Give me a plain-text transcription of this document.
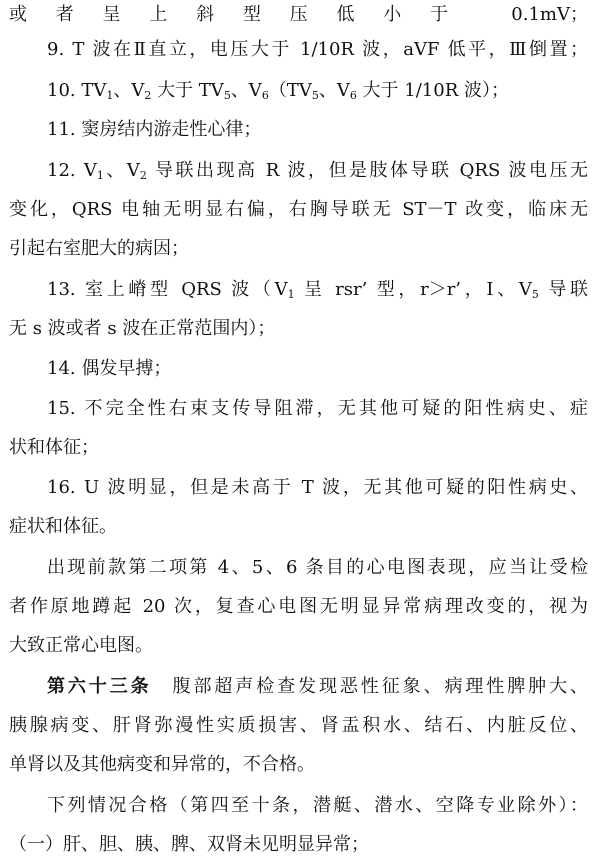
或者呈上斜型压低小于 0.1mV；
9. T 波在Ⅱ直立，电压大于 1/10R 波，aVF 低平，Ⅲ倒置；
10. $TV_1$、$V_2$ 大于 $TV_5$、$V_6(TV_5$、$V_6$ 大于 1/10R 波）；
11. 窦房结内游走性心律；
12. $V_1$、$V_2$ 导联出现高 R 波，但是肢体导联 QRS 波电压无
变化，QRS 电轴无明显右偏，右胸导联无 ST－T 改变，临床无
引起右室肥大的病因；
13. 室上嵴型 QRS 波（$V_1$ 呈 rsr’ 型，r＞r’，I、$V_5$ 导联
无 s 波或者 s 波在正常范围内）；
14. 偶发早搏；
15. 不完全性右束支传导阻滞，无其他可疑的阳性病史、症
状和体征；
16. U 波明显，但是未高于 T 波，无其他可疑的阳性病史、
症状和体征。
出现前款第二项第 4、5、6 条目的心电图表现，应当让受检
者作原地蹲起 20 次，复查心电图无明显异常病理改变的，视为
大致正常心电图。
第六十三条　腹部超声检查发现恶性征象、病理性脾肿大、
胰腺病变、肝肾弥漫性实质损害、肾盂积水、结石、内脏反位、
单肾以及其他病变和异常的，不合格。
下列情况合格（第四至十条，潜艇、潜水、空降专业除外）：
（一）肝、胆、胰、脾、双肾未见明显异常；
